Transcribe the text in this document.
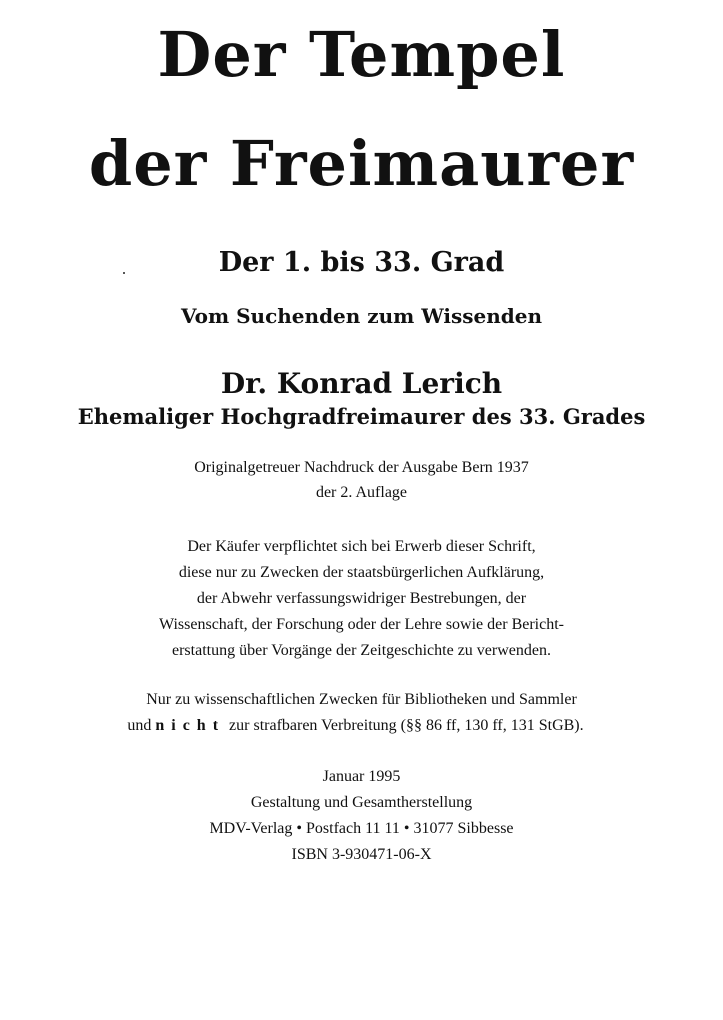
Der Tempel
der Freimaurer
Der 1. bis 33. Grad
Vom Suchenden zum Wissenden
Dr. Konrad Lerich
Ehemaliger Hochgradfreimaurer des 33. Grades
Originalgetreuer Nachdruck der Ausgabe Bern 1937
der 2. Auflage
Der Käufer verpflichtet sich bei Erwerb dieser Schrift,
diese nur zu Zwecken der staatsbürgerlichen Aufklärung,
der Abwehr verfassungswidriger Bestrebungen, der
Wissenschaft, der Forschung oder der Lehre sowie der Bericht-
erstattung über Vorgänge der Zeitgeschichte zu verwenden.
Nur zu wissenschaftlichen Zwecken für Bibliotheken und Sammler
und nicht zur strafbaren Verbreitung (§§ 86 ff, 130 ff, 131 StGB).
Januar 1995
Gestaltung und Gesamtherstellung
MDV-Verlag • Postfach 11 11 • 31077 Sibbesse
ISBN 3-930471-06-X
